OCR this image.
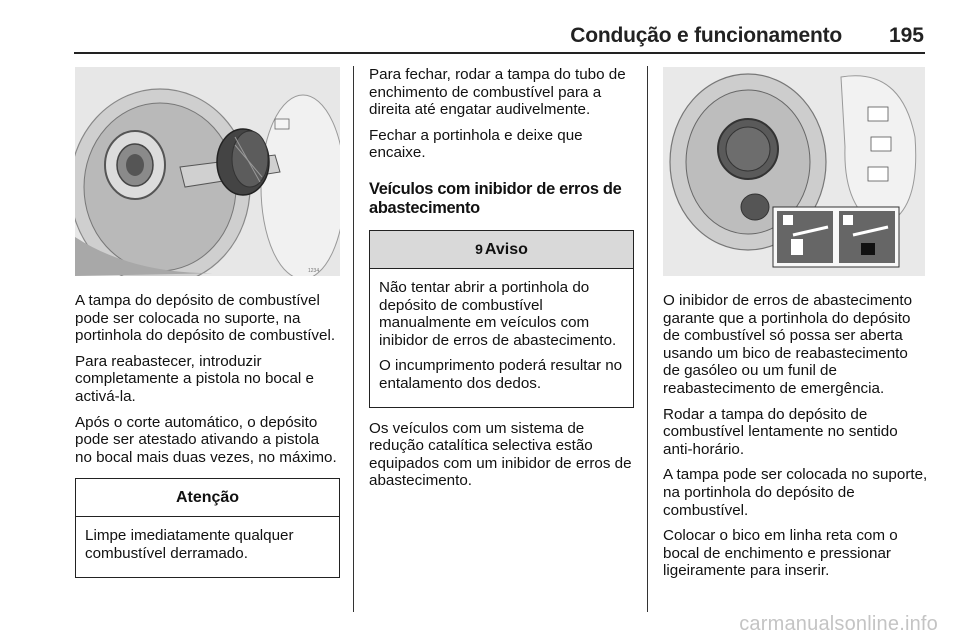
Condução e funcionamento 195
1234

A tampa do depósito de combustível pode ser colocada no suporte, na portinhola do depósito de combustível.

Para reabastecer, introduzir completamente a pistola no bocal e activá-la.

Após o corte automático, o depósito pode ser atestado ativando a pistola no bocal mais duas vezes, no máximo.

Atenção

Limpe imediatamente qualquer combustível derramado.

Para fechar, rodar a tampa do tubo de enchimento de combustível para a direita até engatar audivelmente.

Fechar a portinhola e deixe que encaixe.

Veículos com inibidor de erros de abastecimento
9 Aviso

Não tentar abrir a portinhola do depósito de combustível manualmente em veículos com inibidor de erros de abastecimento.

O incumprimento poderá resultar no entalamento dos dedos.

Os veículos com um sistema de redução catalítica selectiva estão equipados com um inibidor de erros de abastecimento.

O inibidor de erros de abastecimento garante que a portinhola do depósito de combustível só possa ser aberta usando um bico de reabastecimento de gasóleo ou um funil de reabastecimento de emergência.

Rodar a tampa do depósito de combustível lentamente no sentido anti-horário.

A tampa pode ser colocada no suporte, na portinhola do depósito de combustível.

Colocar o bico em linha reta com o bocal de enchimento e pressionar ligeiramente para inserir.

carmanualsonline.info
